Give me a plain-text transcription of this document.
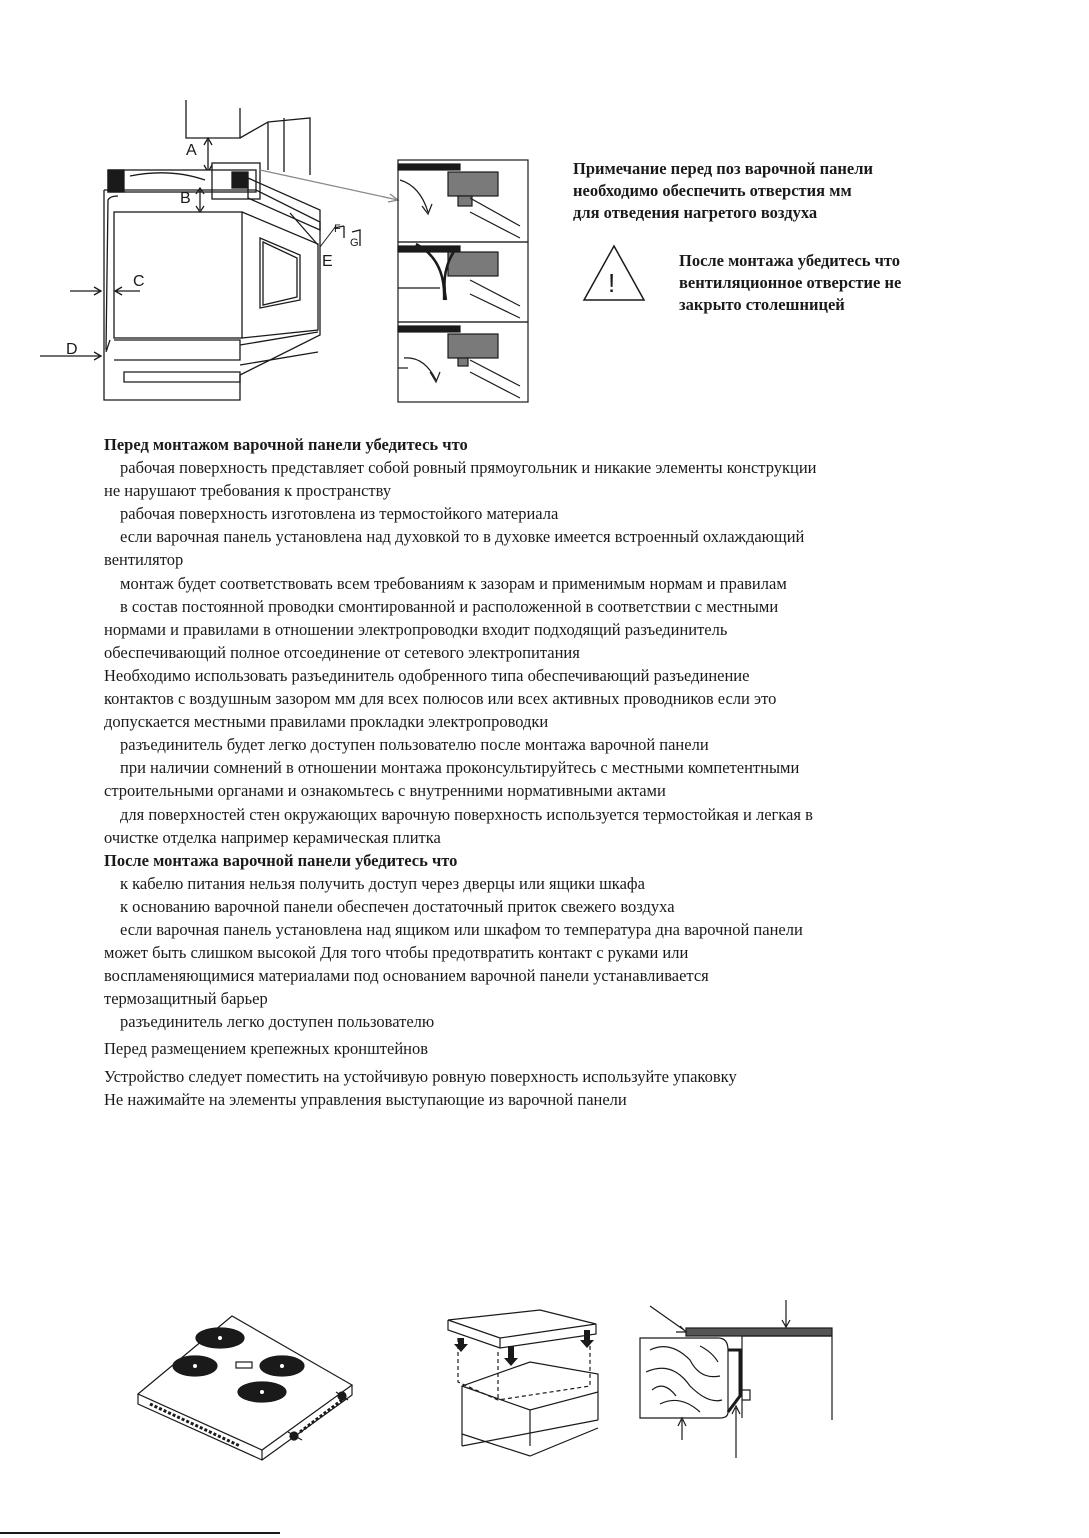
A
B
C
D
E
F
G
!
Примечание перед поз варочной панели
необходимо обеспечить отверстия мм
для отведения нагретого воздуха
После монтажа убедитесь что
вентиляционное отверстие не
закрыто столешницей
Перед монтажом варочной панели убедитесь что
рабочая поверхность представляет собой ровный прямоугольник и никакие элементы конструкции
не нарушают требования к пространству
рабочая поверхность изготовлена из термостойкого материала
если варочная панель установлена над духовкой то в духовке имеется встроенный охлаждающий
вентилятор
монтаж будет соответствовать всем требованиям к зазорам и применимым нормам и правилам
в состав постоянной проводки смонтированной и расположенной в соответствии с местными
нормами и правилами в отношении электропроводки входит подходящий разъединитель
обеспечивающий полное отсоединение от сетевого электропитания
Необходимо использовать разъединитель одобренного типа обеспечивающий разъединение
контактов с воздушным зазором мм для всех полюсов или всех активных проводников если это
допускается местными правилами прокладки электропроводки
разъединитель будет легко доступен пользователю после монтажа варочной панели
при наличии сомнений в отношении монтажа проконсультируйтесь с местными компетентными
строительными органами и ознакомьтесь с внутренними нормативными актами
для поверхностей стен окружающих варочную поверхность используется термостойкая и легкая в
очистке отделка например керамическая плитка
После монтажа варочной панели убедитесь что
к кабелю питания нельзя получить доступ через дверцы или ящики шкафа
к основанию варочной панели обеспечен достаточный приток свежего воздуха
если варочная панель установлена над ящиком или шкафом то температура дна варочной панели
может быть слишком высокой Для того чтобы предотвратить контакт с руками или
воспламеняющимися материалами под основанием варочной панели устанавливается
термозащитный барьер
разъединитель легко доступен пользователю
Перед размещением крепежных кронштейнов
Устройство следует поместить на устойчивую ровную поверхность используйте упаковку
Не нажимайте на элементы управления выступающие из варочной панели
